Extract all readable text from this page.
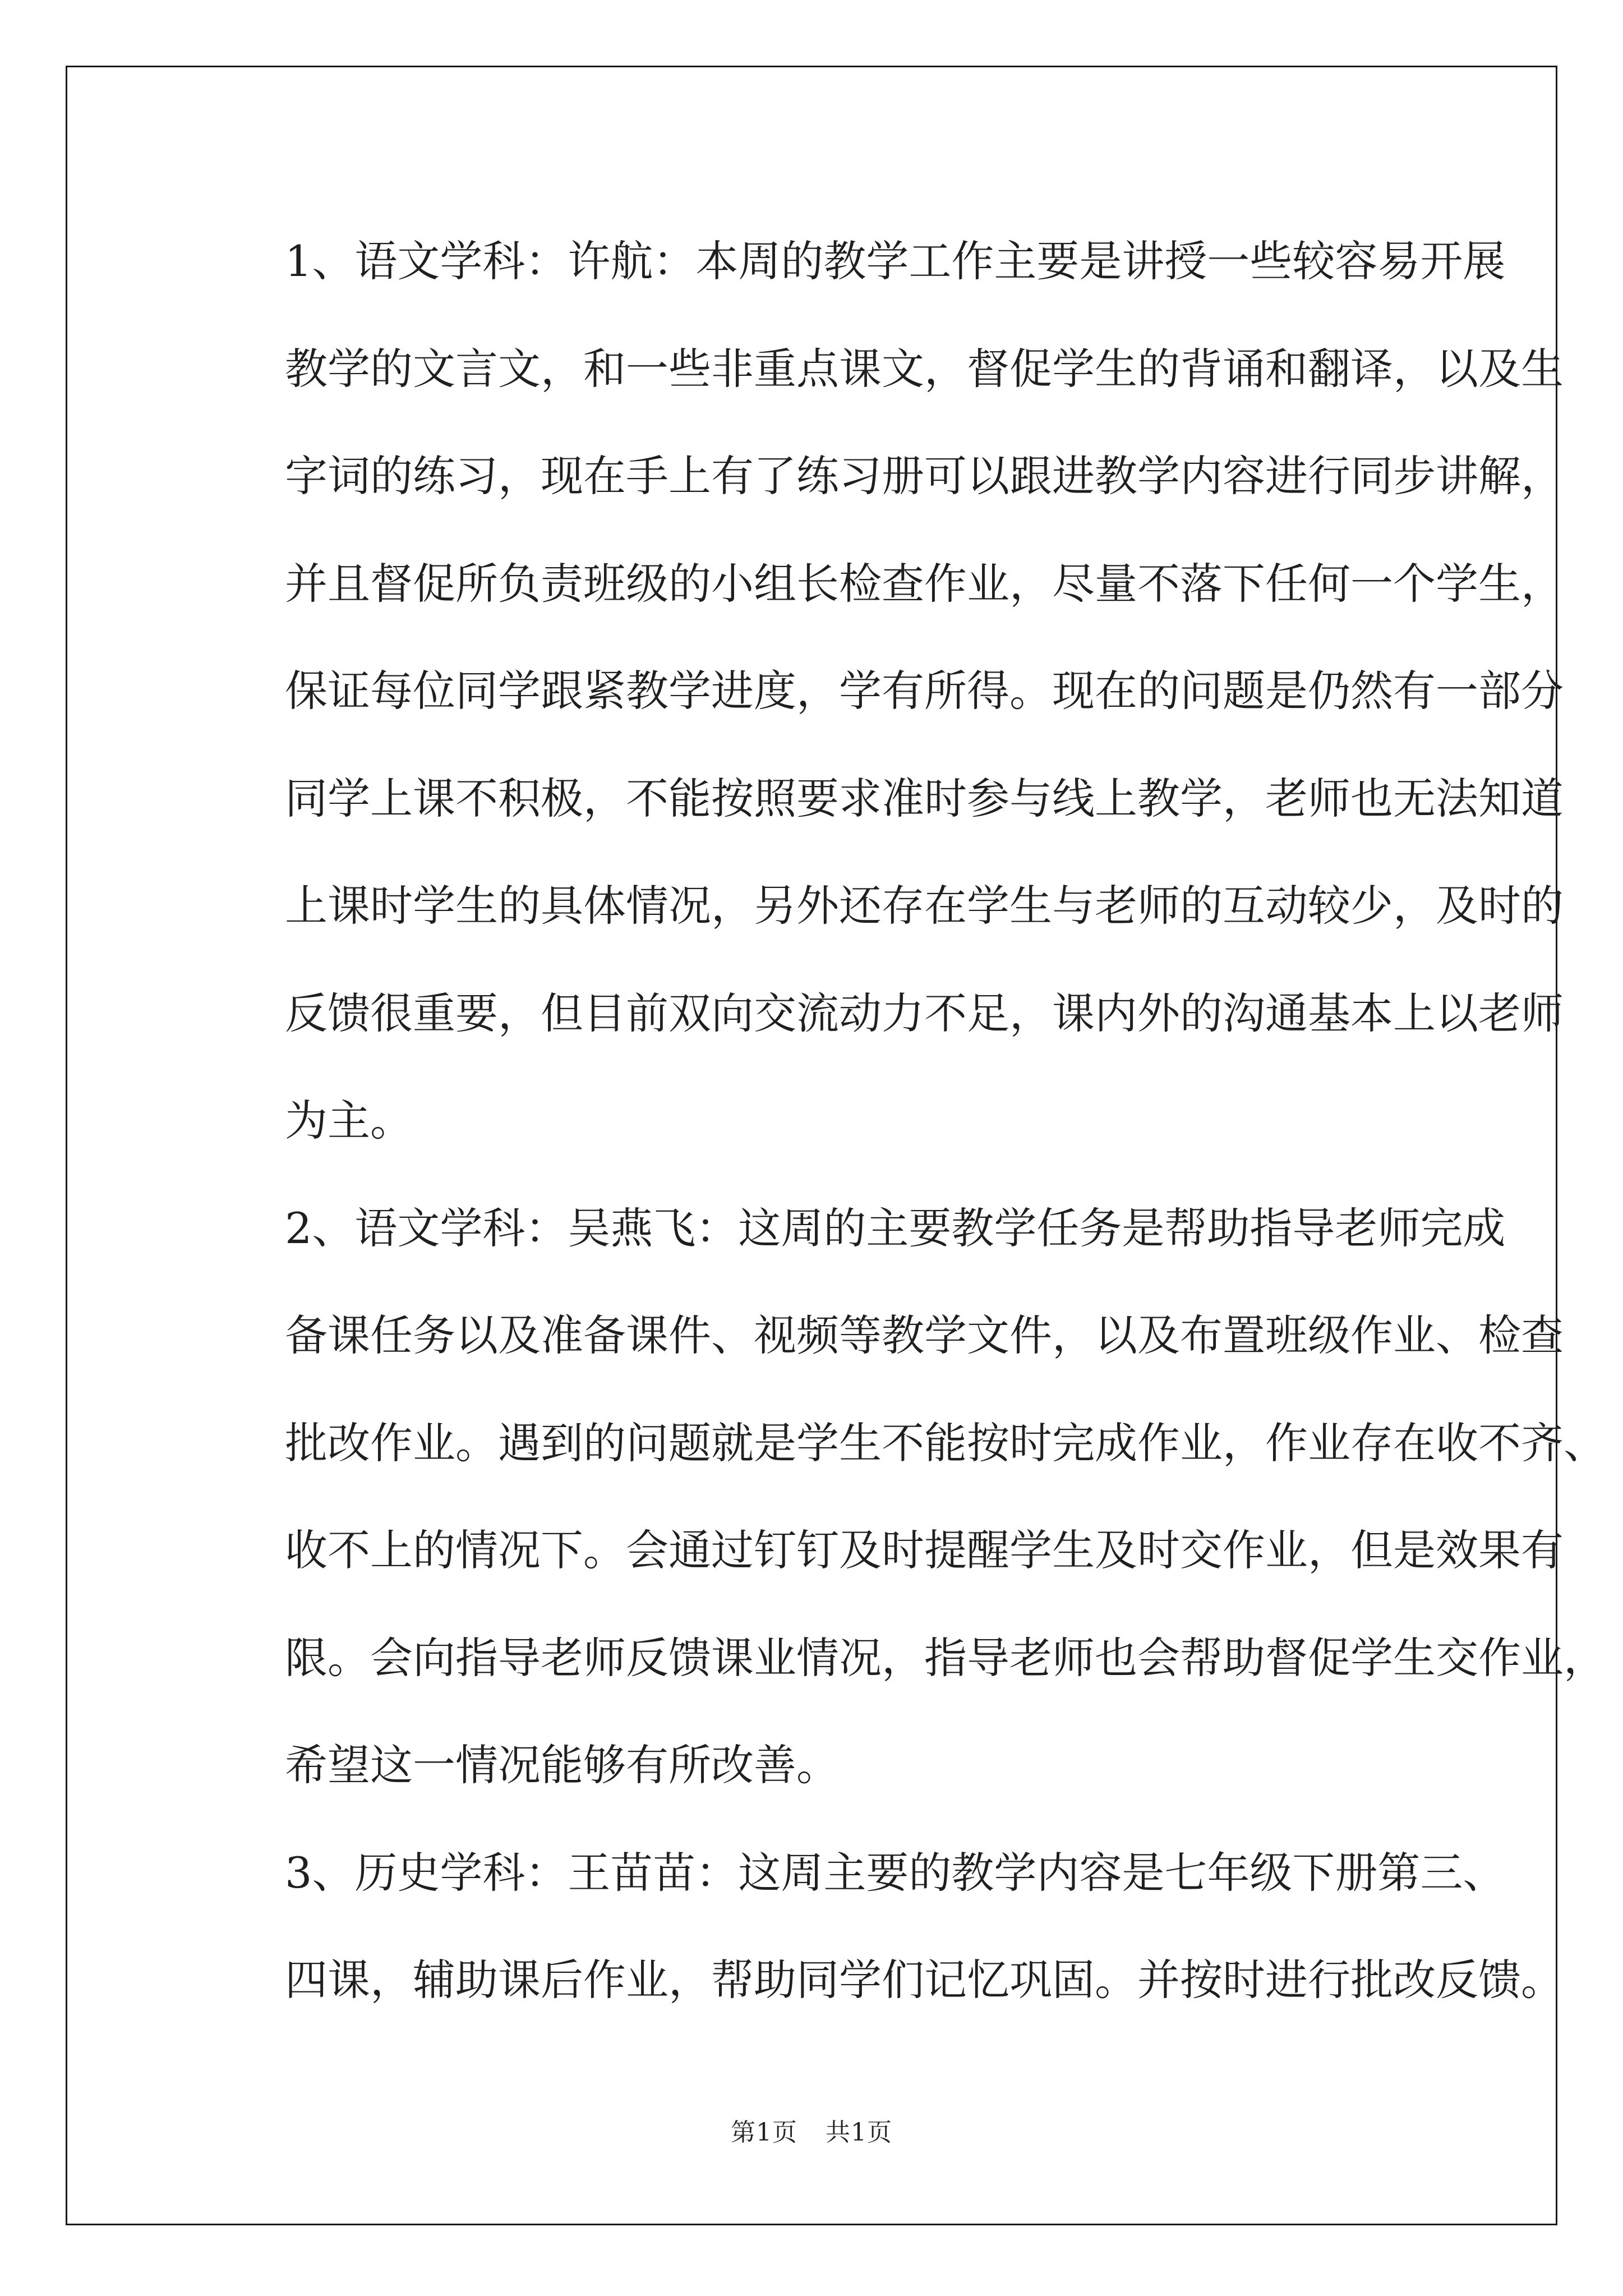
1、语文学科：许航：本周的教学工作主要是讲授一些较容易开展
教学的文言文，和一些非重点课文，督促学生的背诵和翻译，以及生
字词的练习，现在手上有了练习册可以跟进教学内容进行同步讲解，
并且督促所负责班级的小组长检查作业，尽量不落下任何一个学生，
保证每位同学跟紧教学进度，学有所得。现在的问题是仍然有一部分
同学上课不积极，不能按照要求准时参与线上教学，老师也无法知道
上课时学生的具体情况，另外还存在学生与老师的互动较少，及时的
反馈很重要，但目前双向交流动力不足，课内外的沟通基本上以老师
为主。
2、语文学科：吴燕飞：这周的主要教学任务是帮助指导老师完成
备课任务以及准备课件、视频等教学文件，以及布置班级作业、检查
批改作业。遇到的问题就是学生不能按时完成作业，作业存在收不齐、
收不上的情况下。会通过钉钉及时提醒学生及时交作业，但是效果有
限。会向指导老师反馈课业情况，指导老师也会帮助督促学生交作业，
希望这一情况能够有所改善。
3、历史学科：王苗苗：这周主要的教学内容是七年级下册第三、
四课，辅助课后作业，帮助同学们记忆巩固。并按时进行批改反馈。
第1页 共1页
